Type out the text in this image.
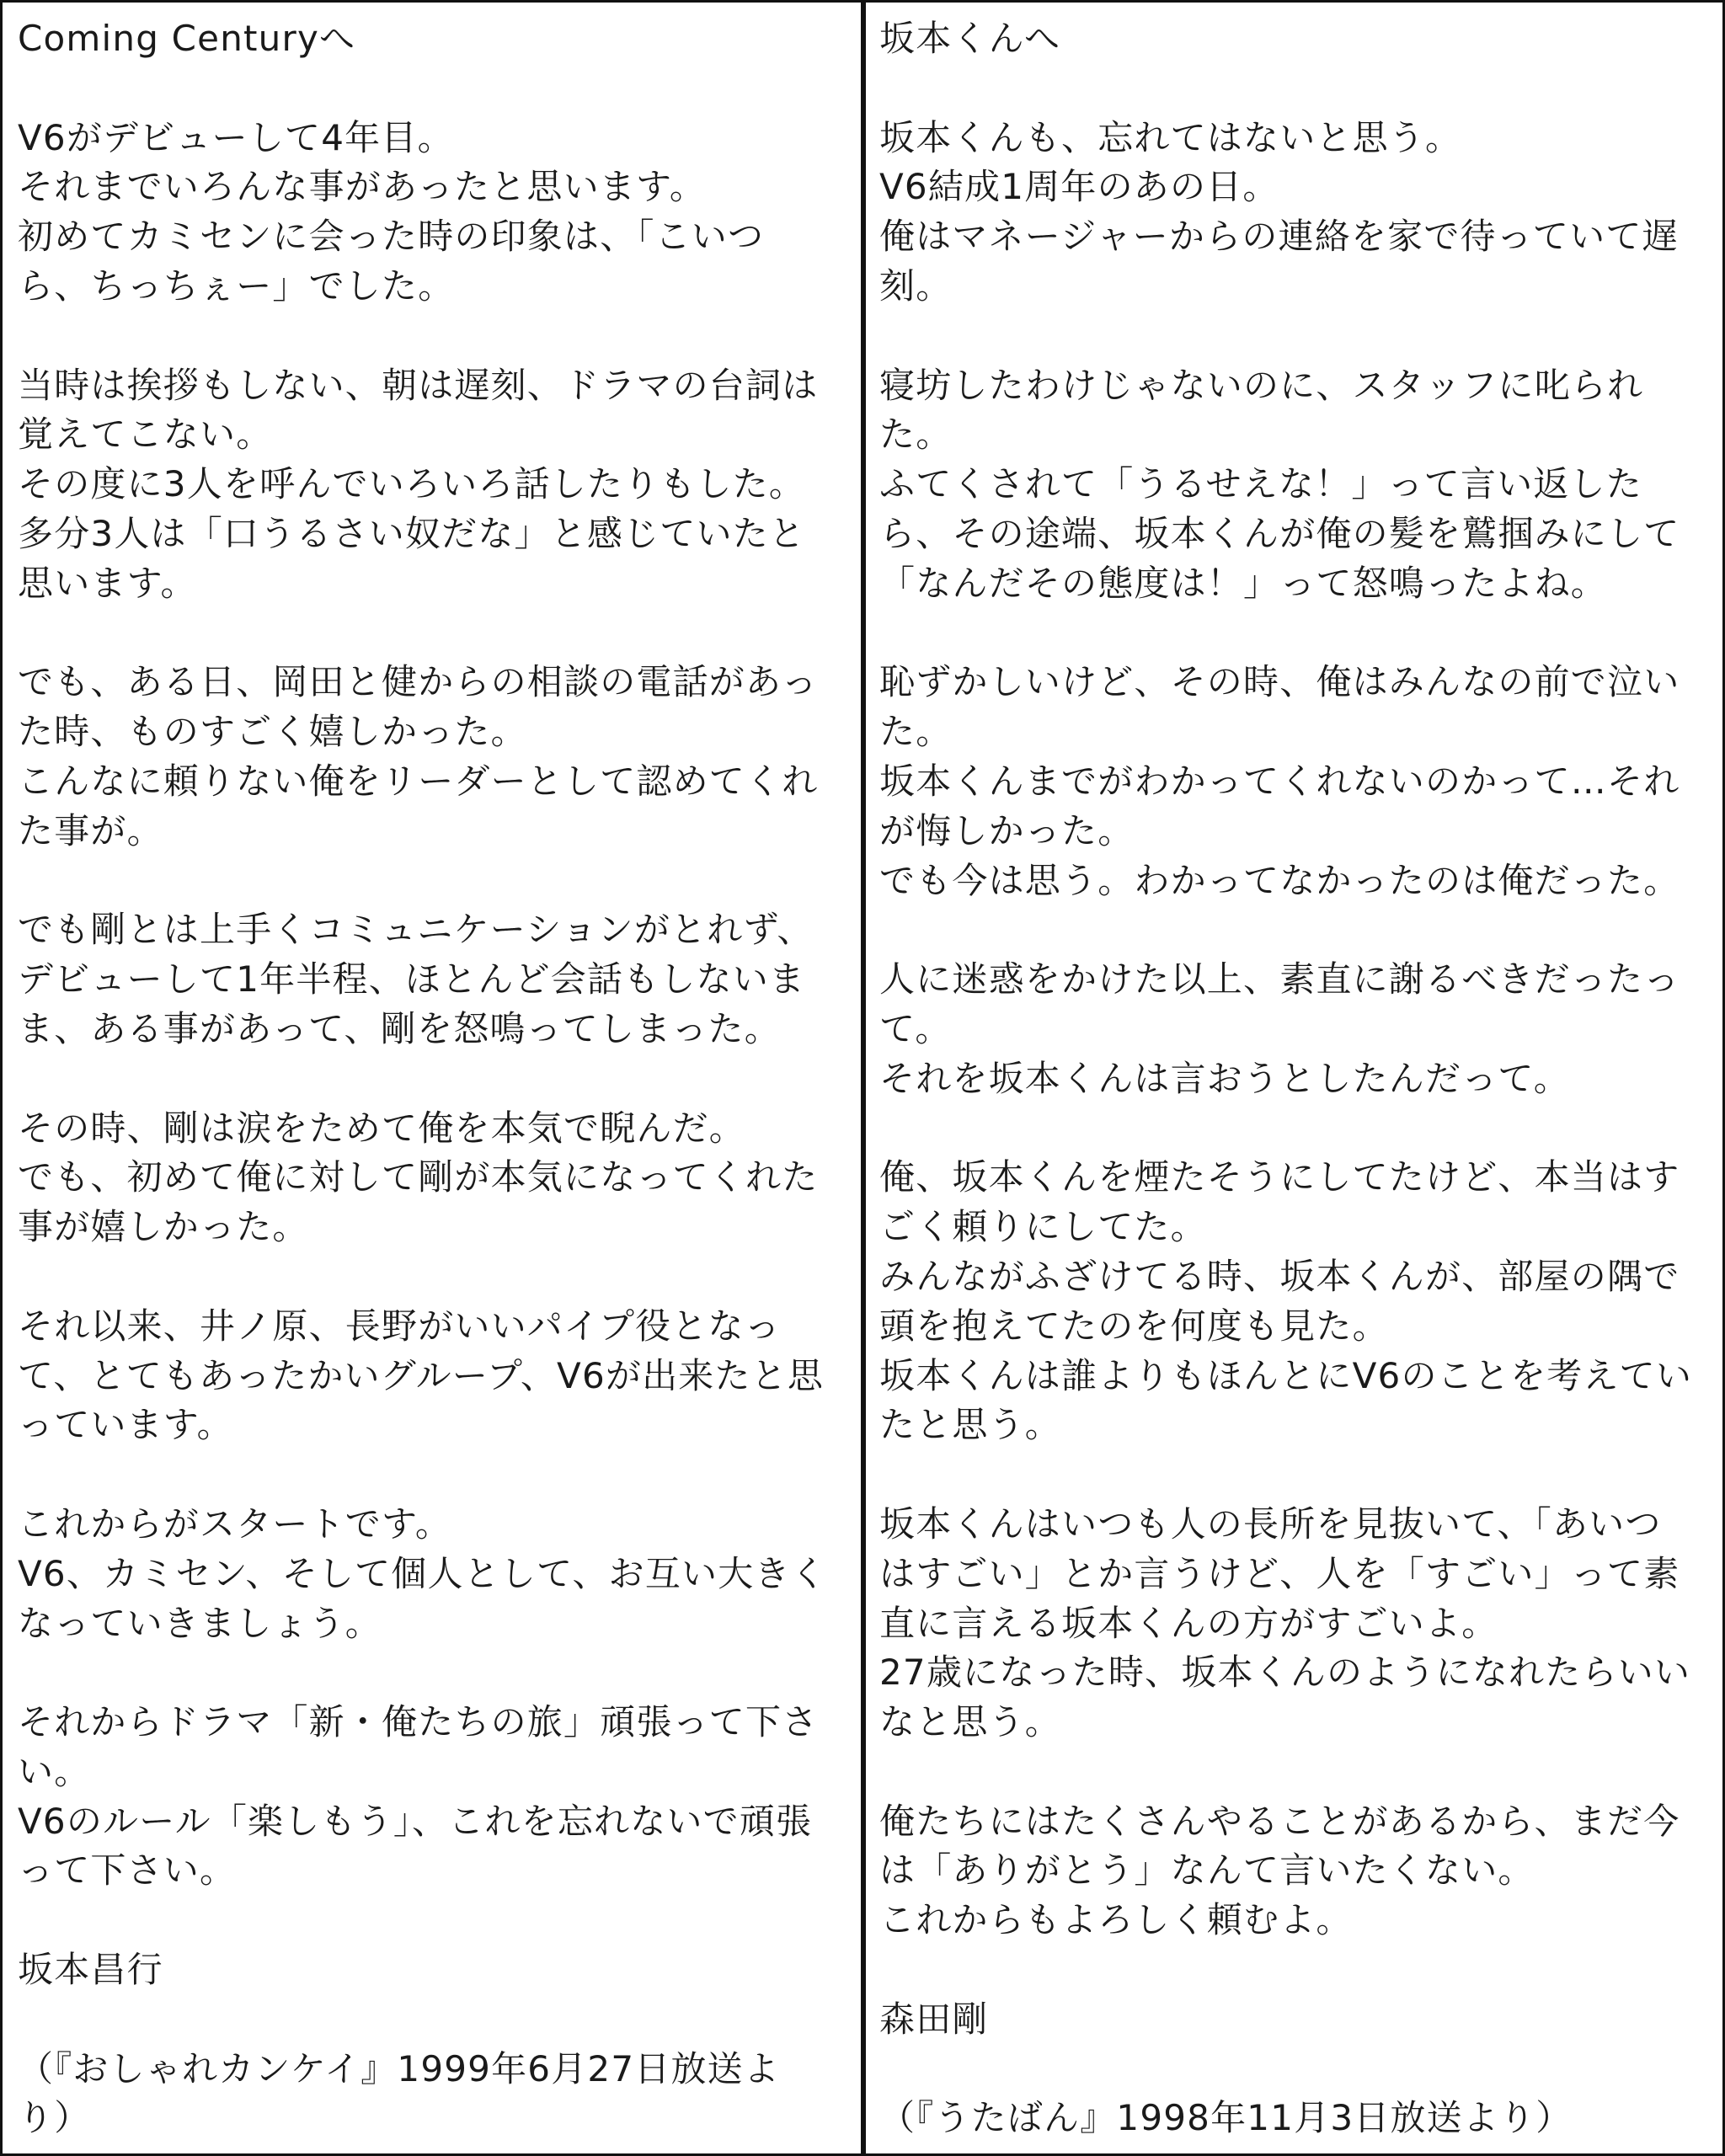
Coming Centuryへ
V6がデビューして4年目。
それまでいろんな事があったと思います。
初めてカミセンに会った時の印象は、「こいつ
ら、ちっちぇー」でした。
当時は挨拶もしない、朝は遅刻、ドラマの台詞は
覚えてこない。
その度に3人を呼んでいろいろ話したりもした。
多分3人は「口うるさい奴だな」と感じていたと
思います。
でも、ある日、岡田と健からの相談の電話があっ
た時、ものすごく嬉しかった。
こんなに頼りない俺をリーダーとして認めてくれ
た事が。
でも剛とは上手くコミュニケーションがとれず、
デビューして1年半程、ほとんど会話もしないま
ま、ある事があって、剛を怒鳴ってしまった。
その時、剛は涙をためて俺を本気で睨んだ。
でも、初めて俺に対して剛が本気になってくれた
事が嬉しかった。
それ以来、井ノ原、長野がいいパイプ役となっ
て、とてもあったかいグループ、V6が出来たと思
っています。
これからがスタートです。
V6、カミセン、そして個人として、お互い大きく
なっていきましょう。
それからドラマ「新・俺たちの旅」頑張って下さ
い。
V6のルール「楽しもう」、これを忘れないで頑張
って下さい。
坂本昌行
（『おしゃれカンケイ』1999年6月27日放送よ
り）
坂本くんへ
坂本くんも、忘れてはないと思う。
V6結成1周年のあの日。
俺はマネージャーからの連絡を家で待っていて遅
刻。
寝坊したわけじゃないのに、スタッフに叱られ
た。
ふてくされて「うるせえな！」って言い返した
ら、その途端、坂本くんが俺の髪を鷲掴みにして
「なんだその態度は！」って怒鳴ったよね。
恥ずかしいけど、その時、俺はみんなの前で泣い
た。
坂本くんまでがわかってくれないのかって…それ
が悔しかった。
でも今は思う。わかってなかったのは俺だった。
人に迷惑をかけた以上、素直に謝るべきだったっ
て。
それを坂本くんは言おうとしたんだって。
俺、坂本くんを煙たそうにしてたけど、本当はす
ごく頼りにしてた。
みんながふざけてる時、坂本くんが、部屋の隅で
頭を抱えてたのを何度も見た。
坂本くんは誰よりもほんとにV6のことを考えてい
たと思う。
坂本くんはいつも人の長所を見抜いて、「あいつ
はすごい」とか言うけど、人を「すごい」って素
直に言える坂本くんの方がすごいよ。
27歳になった時、坂本くんのようになれたらいい
なと思う。
俺たちにはたくさんやることがあるから、まだ今
は「ありがとう」なんて言いたくない。
これからもよろしく頼むよ。
森田剛
（『うたばん』1998年11月3日放送より）
